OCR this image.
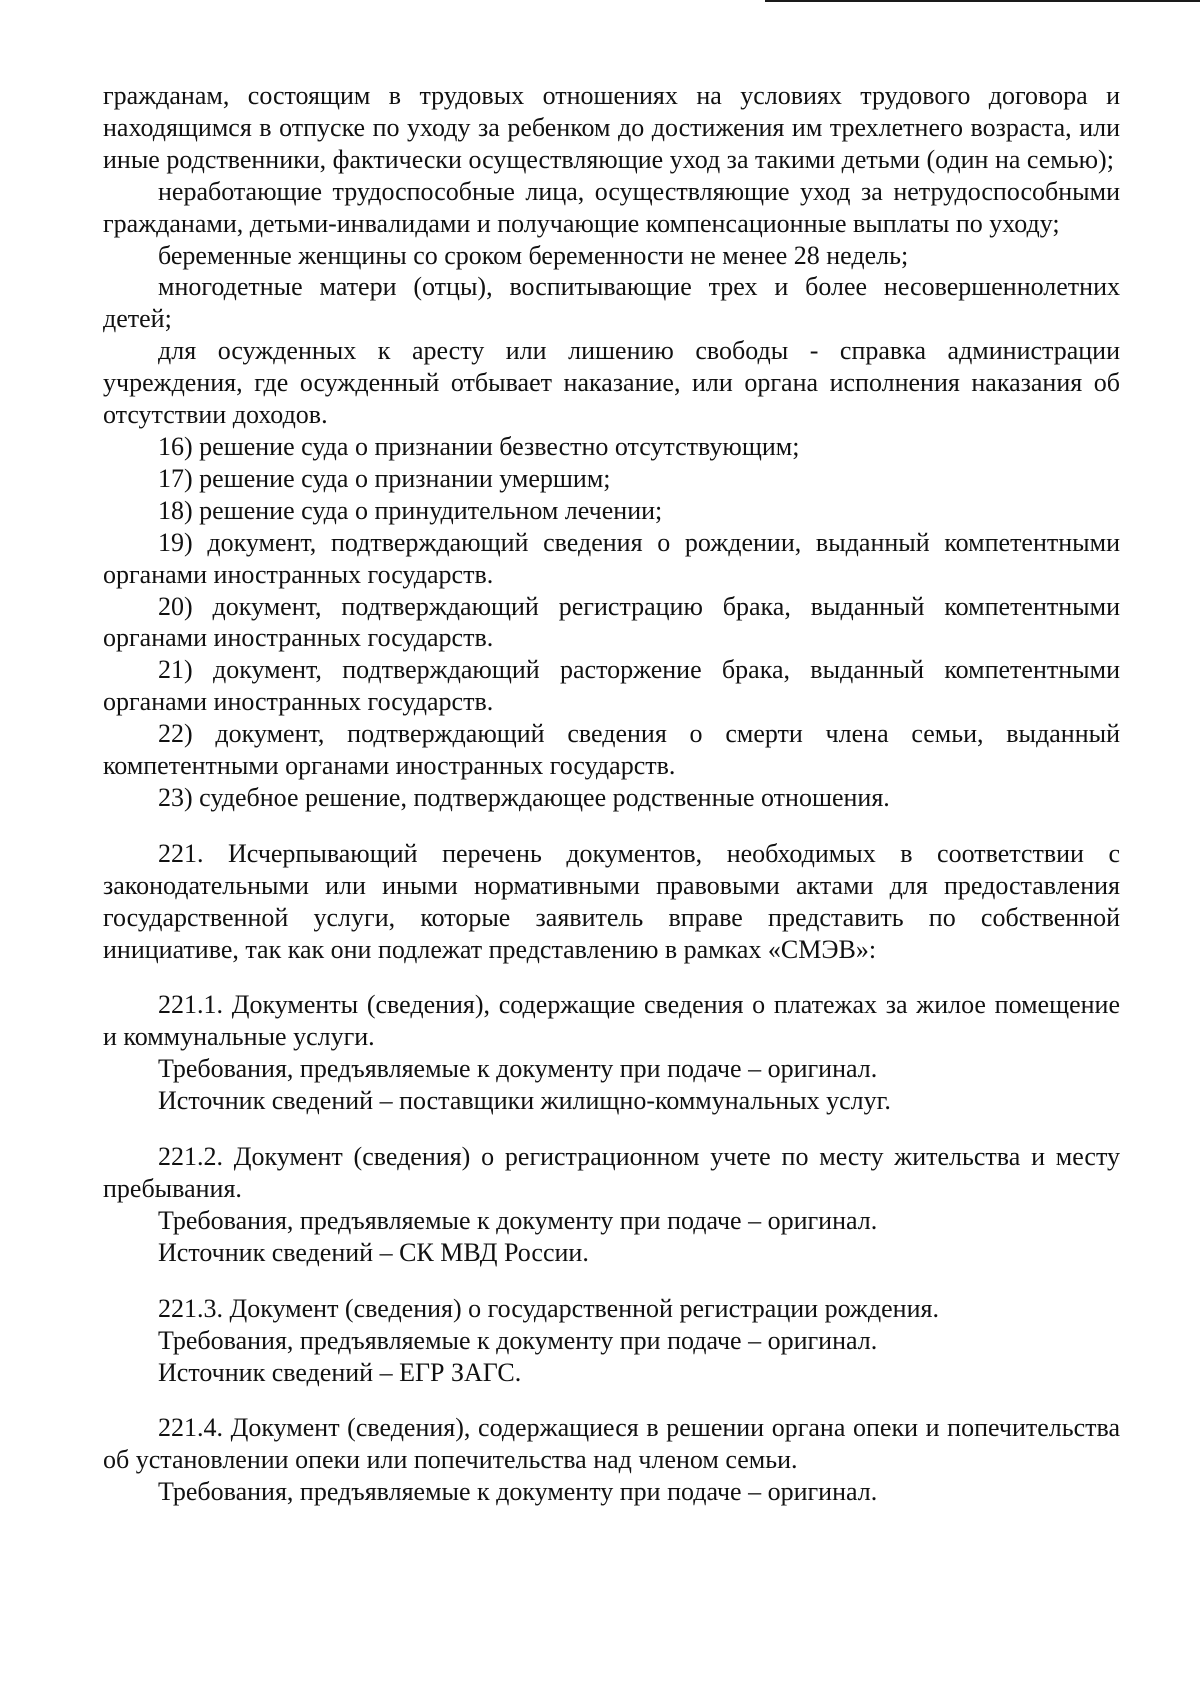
гражданам, состоящим в трудовых отношениях на условиях трудового договора и находящимся в отпуске по уходу за ребенком до достижения им трехлетнего возраста, или иные родственники, фактически осуществляющие уход за такими детьми (один на семью);

неработающие трудоспособные лица, осуществляющие уход за нетрудоспособными гражданами, детьми-инвалидами и получающие компенсационные выплаты по уходу;

беременные женщины со сроком беременности не менее 28 недель;

многодетные матери (отцы), воспитывающие трех и более несовершеннолетних детей;

для осужденных к аресту или лишению свободы - справка администрации учреждения, где осужденный отбывает наказание, или органа исполнения наказания об отсутствии доходов.

16) решение суда о признании безвестно отсутствующим;

17) решение суда о признании умершим;

18) решение суда о принудительном лечении;

19) документ, подтверждающий сведения о рождении, выданный компетентными органами иностранных государств.

20) документ, подтверждающий регистрацию брака, выданный компетентными органами иностранных государств.

21) документ, подтверждающий расторжение брака, выданный компетентными органами иностранных государств.

22) документ, подтверждающий сведения о смерти члена семьи, выданный компетентными органами иностранных государств.

23) судебное решение, подтверждающее родственные отношения.

221. Исчерпывающий перечень документов, необходимых в соответствии с законодательными или иными нормативными правовыми актами для предоставления государственной услуги, которые заявитель вправе представить по собственной инициативе, так как они подлежат представлению в рамках «СМЭВ»:

221.1. Документы (сведения), содержащие сведения о платежах за жилое помещение и коммунальные услуги.

Требования, предъявляемые к документу при подаче – оригинал.

Источник сведений – поставщики жилищно-коммунальных услуг.

221.2. Документ (сведения) о регистрационном учете по месту жительства и месту пребывания.

Требования, предъявляемые к документу при подаче – оригинал.

Источник сведений – СК МВД России.

221.3. Документ (сведения) о государственной регистрации рождения.

Требования, предъявляемые к документу при подаче – оригинал.

Источник сведений – ЕГР ЗАГС.

221.4. Документ (сведения), содержащиеся в решении органа опеки и попечительства об установлении опеки или попечительства над членом семьи.

Требования, предъявляемые к документу при подаче – оригинал.
